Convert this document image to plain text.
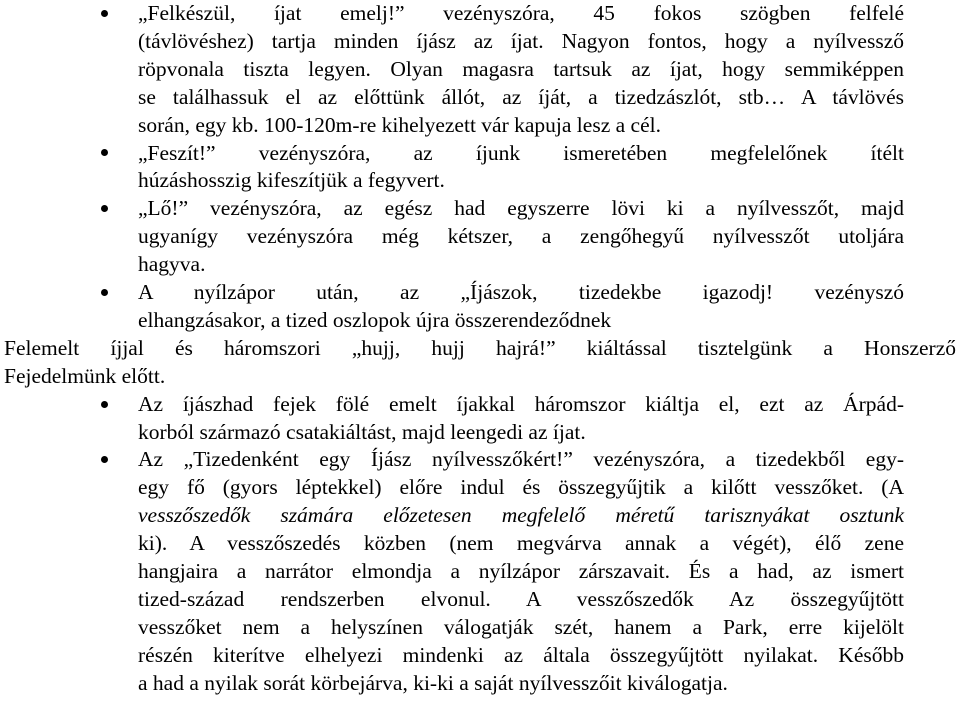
„Felkészül, íjat emelj!” vezényszóra, 45 fokos szögben felfelé
(távlövéshez) tartja minden íjász az íjat. Nagyon fontos, hogy a nyílvessző
röpvonala tiszta legyen. Olyan magasra tartsuk az íjat, hogy semmiképpen
se találhassuk el az előttünk állót, az íját, a tizedzászlót, stb… A távlövés
során, egy kb. 100-120m-re kihelyezett vár kapuja lesz a cél.
„Feszít!” vezényszóra, az íjunk ismeretében megfelelőnek ítélt
húzáshosszig kifeszítjük a fegyvert.
„Lő!” vezényszóra, az egész had egyszerre lövi ki a nyílvesszőt, majd
ugyanígy vezényszóra még kétszer, a zengőhegyű nyílvesszőt utoljára
hagyva.
A nyílzápor után, az „Íjászok, tizedekbe igazodj! vezényszó
elhangzásakor, a tized oszlopok újra összerendeződnek
Felemelt íjjal és háromszori „hujj, hujj hajrá!” kiáltással tisztelgünk a Honszerző
Fejedelmünk előtt.
Az íjászhad fejek fölé emelt íjakkal háromszor kiáltja el, ezt az Árpád-
korból származó csatakiáltást, majd leengedi az íjat.
Az „Tizedenként egy Íjász nyílvesszőkért!” vezényszóra, a tizedekből egy-
egy fő (gyors léptekkel) előre indul és összegyűjtik a kilőtt vesszőket. (A
vesszőszedők számára előzetesen megfelelő méretű tarisznyákat osztunk
ki). A vesszőszedés közben (nem megvárva annak a végét), élő zene
hangjaira a narrátor elmondja a nyílzápor zárszavait. És a had, az ismert
tized-század rendszerben elvonul. A vesszőszedők Az összegyűjtött
vesszőket nem a helyszínen válogatják szét, hanem a Park, erre kijelölt
részén kiterítve elhelyezi mindenki az általa összegyűjtött nyilakat. Később
a had a nyilak sorát körbejárva, ki-ki a saját nyílvesszőit kiválogatja.
